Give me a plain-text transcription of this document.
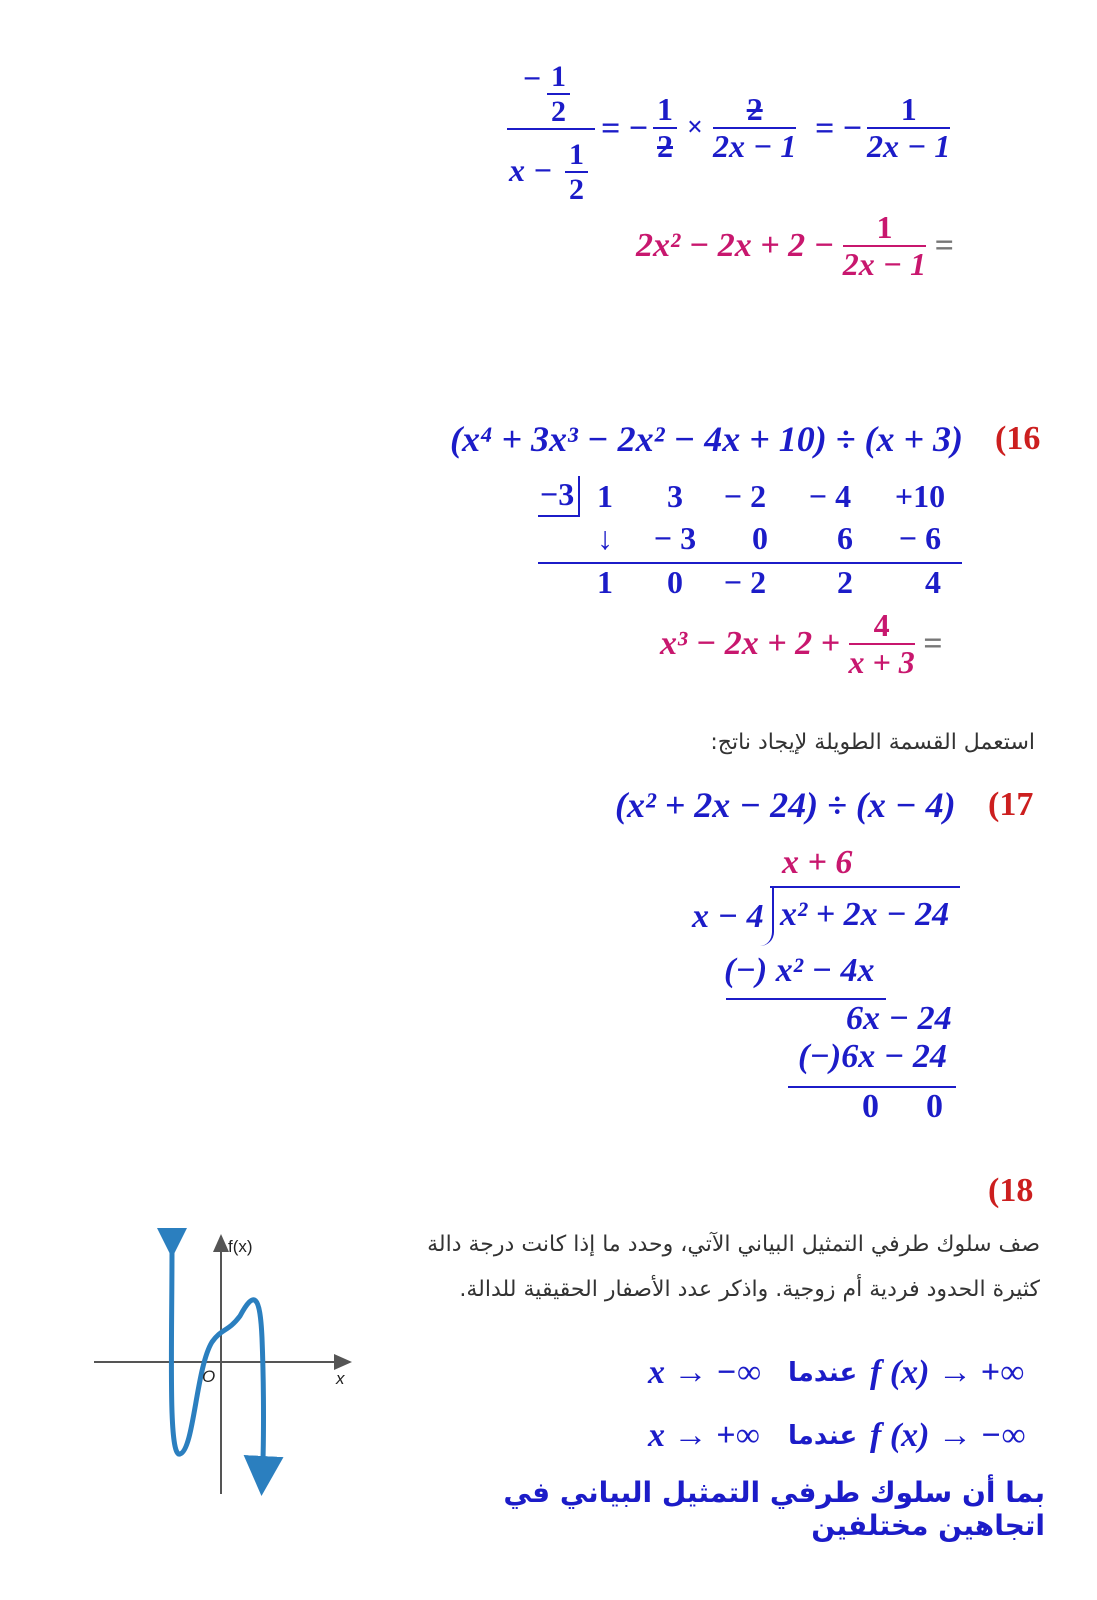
− $\frac{1}{2}$
$x - \frac{1}{2}$
= − $\frac{1}{2} \times \frac{2}{2x - 1}$ = − $\frac{1}{2x - 1}$
$2x^2 - 2x + 2 - \frac{1}{2x - 1}$ =
(16
(x⁴ + 3x³ − 2x² − 4x + 10) ÷ (x + 3)
−3 1	3	− 2	− 4	+10
↓	− 3	0	6	− 6
1	0	− 2	2	4
$x^3 - 2x + 2 + \frac{4}{x + 3}$ =
استعمل القسمة الطويلة لإيجاد ناتج:
(17
(x² + 2x − 24) ÷ (x − 4)
x + 6
x − 4 x² + 2x − 24
(−) x² − 4x
6x − 24
(−)6x − 24
0 0
(18
صف سلوك طرفي التمثيل البياني الآتي، وحدد ما إذا كانت درجة دالة كثيرة الحدود فردية أم زوجية. واذكر عدد الأصفار الحقيقية للدالة.
x → −∞ عندما f (x) → +∞
x → +∞ عندما f (x) → −∞
بما أن سلوك طرفي التمثيل البياني في اتجاهين مختلفين
f(x)
x
O
